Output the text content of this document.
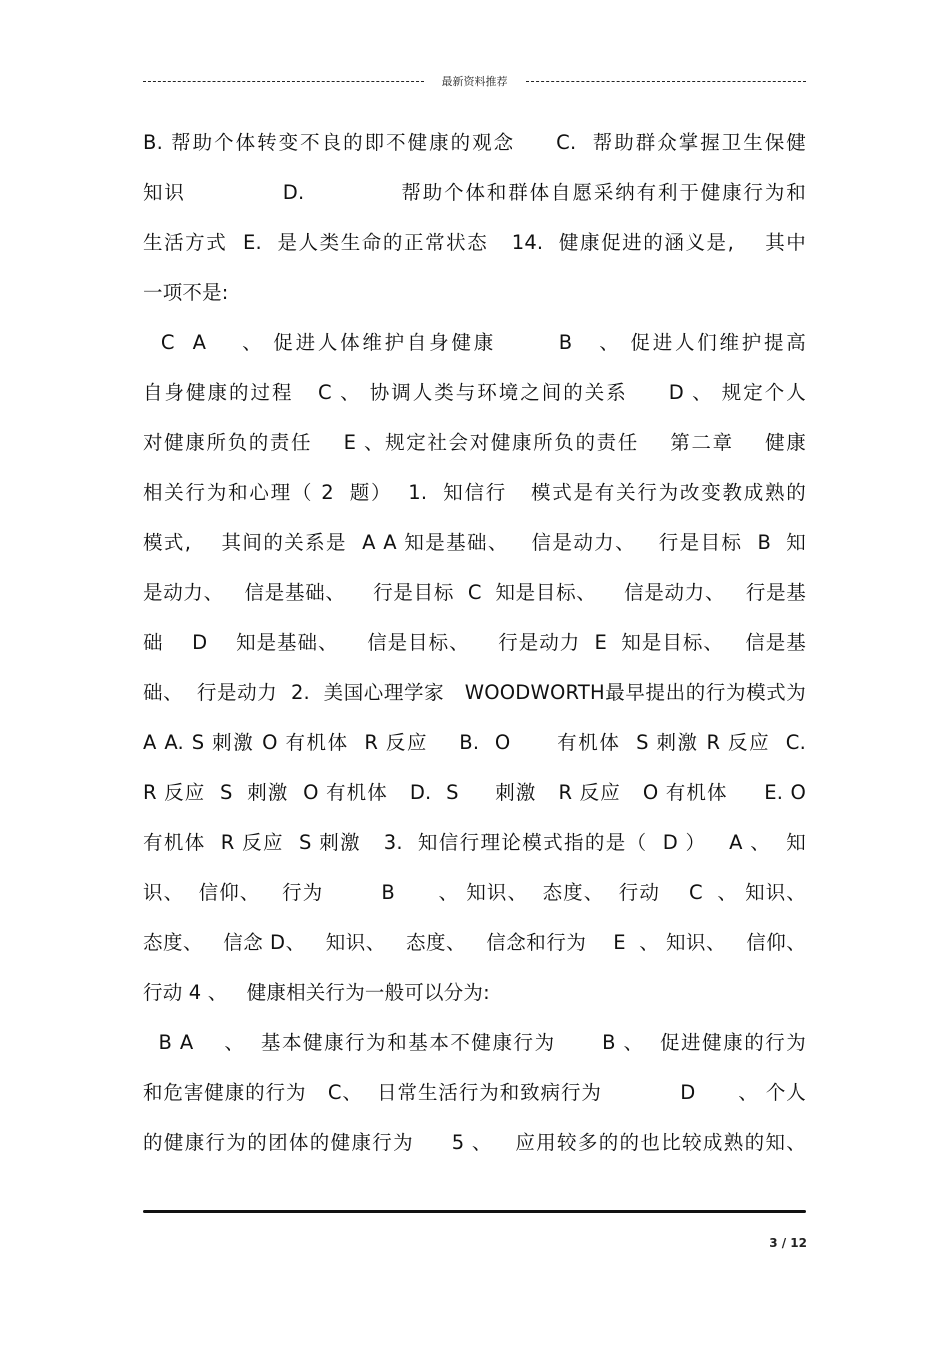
最新资料推荐
B. 帮助个体转变不良的即不健康的观念     C.  帮助群众掌握卫生保健
知识            D.            帮助个体和群体自愿采纳有利于健康行为和
生活方式  E.  是人类生命的正常状态   14.  健康促进的涵义是,    其中
一项不是:
C  A    、 促进人体维护自身健康       B   、 促进人们维护提高
自身健康的过程   C 、 协调人类与环境之间的关系     D 、 规定个人
对健康所负的责任    E 、规定社会对健康所负的责任    第二章    健康
相关行为和心理（ 2  题）  1.  知信行   模式是有关行为改变教成熟的
模式,    其间的关系是  A A 知是基础、   信是动力、   行是目标  B  知
是动力、   信是基础、    行是目标  C  知是目标、    信是动力、   行是基
础    D    知是基础、    信是目标、    行是动力  E  知是目标、   信是基
础、  行是动力  2.  美国心理学家   WOODWORTH最早提出的行为模式为
A A. S 刺激 O 有机体  R 反应    B.  O      有机体  S 刺激 R 反应  C.
R 反应  S  刺激  O 有机体   D.  S     刺激   R 反应   O 有机体     E. O
有机体  R 反应  S 刺激   3.  知信行理论模式指的是（  D ）   A 、  知
识、  信仰、   行为        B      、 知识、  态度、  行动    C  、 知识、
态度、   信念 D、   知识、   态度、   信念和行为    E  、 知识、   信仰、
行动 4 、   健康相关行为一般可以分为:
B A    、  基本健康行为和基本不健康行为      B 、  促进健康的行为
和危害健康的行为   C、  日常生活行为和致病行为           D      、 个人
的健康行为的团体的健康行为     5 、   应用较多的的也比较成熟的知、
3 / 12
